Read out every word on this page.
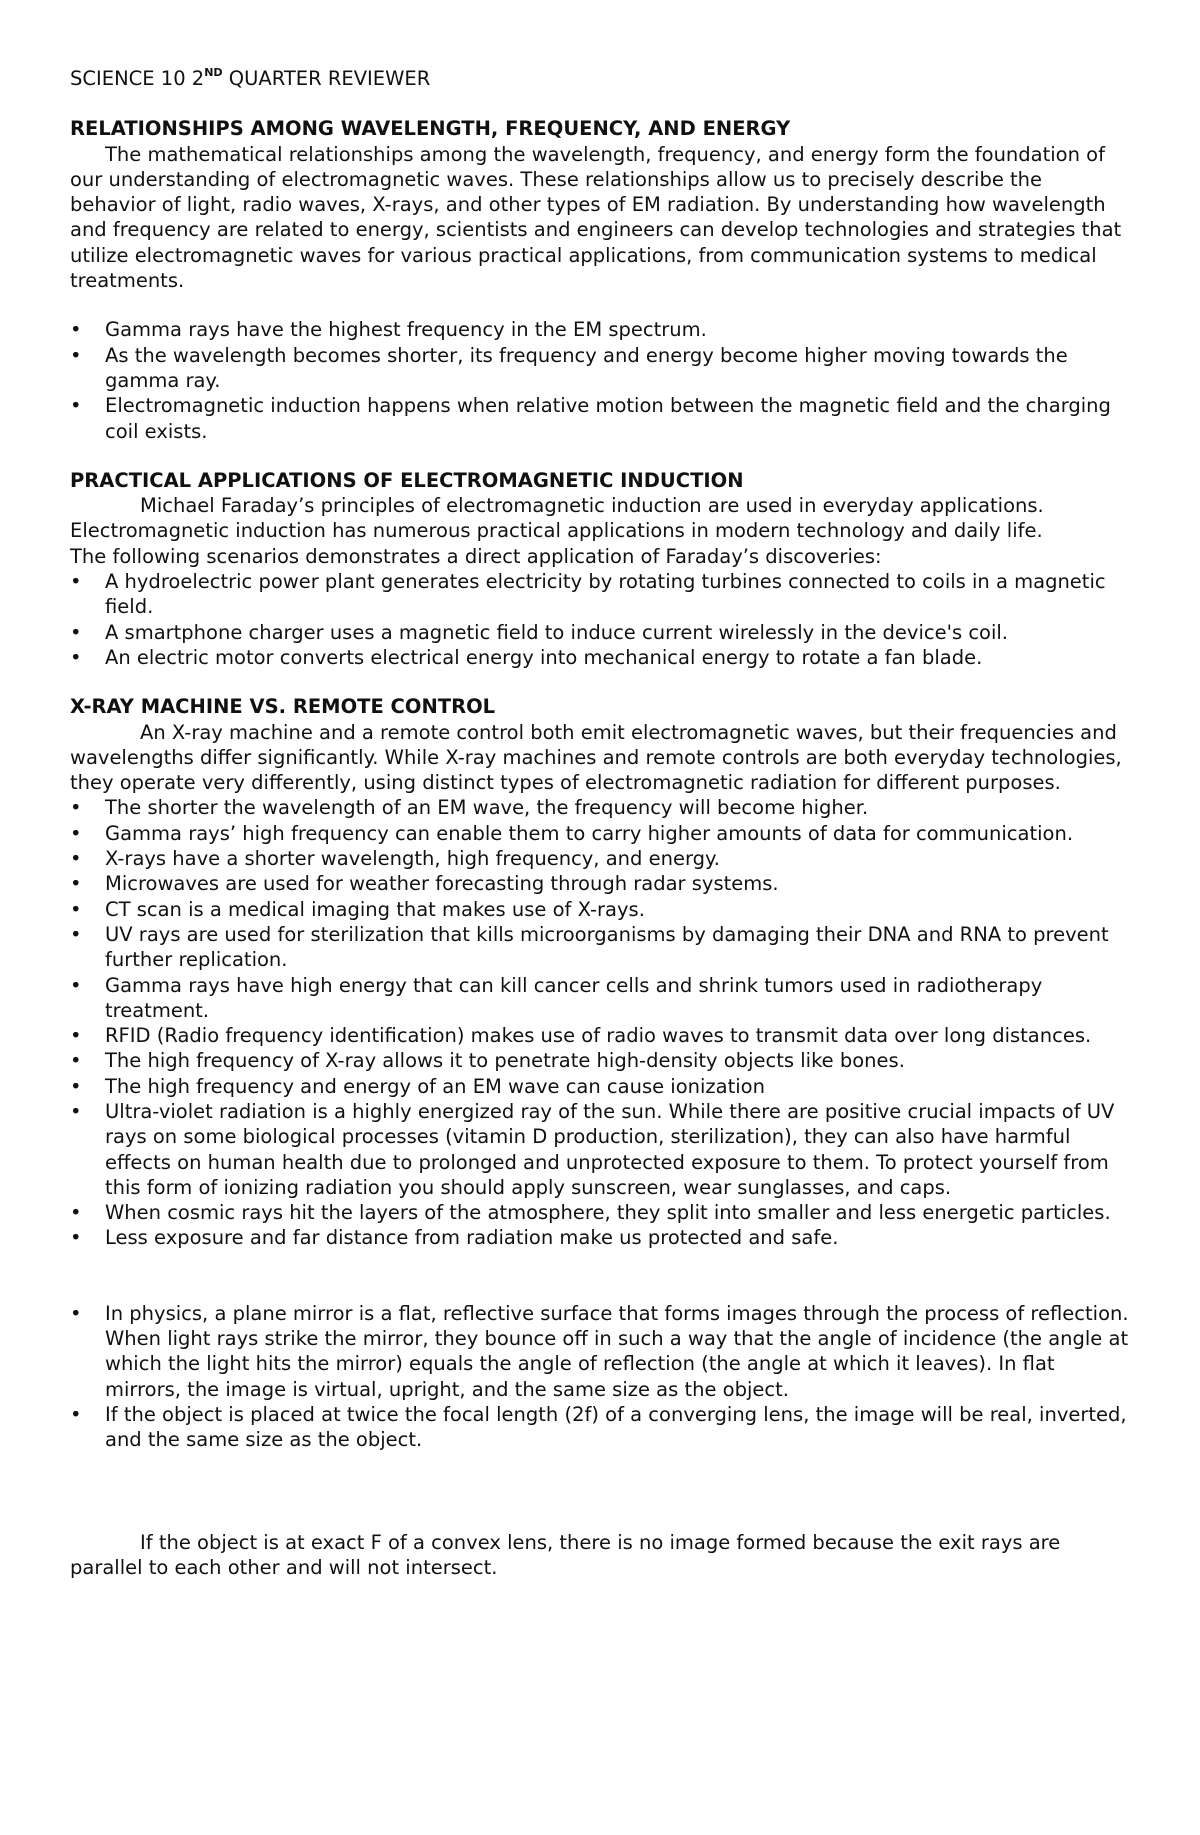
SCIENCE 10 2ND QUARTER REVIEWER

RELATIONSHIPS AMONG WAVELENGTH, FREQUENCY, AND ENERGY

The mathematical relationships among the wavelength, frequency, and energy form the foundation of our understanding of electromagnetic waves. These relationships allow us to precisely describe the behavior of light, radio waves, X-rays, and other types of EM radiation. By understanding how wavelength and frequency are related to energy, scientists and engineers can develop technologies and strategies that utilize electromagnetic waves for various practical applications, from communication systems to medical treatments.

•	Gamma rays have the highest frequency in the EM spectrum.
•	As the wavelength becomes shorter, its frequency and energy become higher moving towards the gamma ray.
•	Electromagnetic induction happens when relative motion between the magnetic field and the charging coil exists.
PRACTICAL APPLICATIONS OF ELECTROMAGNETIC INDUCTION

Michael Faraday’s principles of electromagnetic induction are used in everyday applications. Electromagnetic induction has numerous practical applications in modern technology and daily life.

The following scenarios demonstrates a direct application of Faraday’s discoveries:

•	A hydroelectric power plant generates electricity by rotating turbines connected to coils in a magnetic field.
•	A smartphone charger uses a magnetic field to induce current wirelessly in the device's coil.
•	An electric motor converts electrical energy into mechanical energy to rotate a fan blade.
X-RAY MACHINE VS. REMOTE CONTROL

An X-ray machine and a remote control both emit electromagnetic waves, but their frequencies and wavelengths differ significantly. While X-ray machines and remote controls are both everyday technologies, they operate very differently, using distinct types of electromagnetic radiation for different purposes.

•	The shorter the wavelength of an EM wave, the frequency will become higher.
•	Gamma rays’ high frequency can enable them to carry higher amounts of data for communication.
•	X-rays have a shorter wavelength, high frequency, and energy.
•	Microwaves are used for weather forecasting through radar systems.
•	CT scan is a medical imaging that makes use of X-rays.
•	UV rays are used for sterilization that kills microorganisms by damaging their DNA and RNA to prevent further replication.
•	Gamma rays have high energy that can kill cancer cells and shrink tumors used in radiotherapy treatment.
•	RFID (Radio frequency identification) makes use of radio waves to transmit data over long distances.
•	The high frequency of X-ray allows it to penetrate high-density objects like bones.
•	The high frequency and energy of an EM wave can cause ionization
•	Ultra-violet radiation is a highly energized ray of the sun. While there are positive crucial impacts of UV rays on some biological processes (vitamin D production, sterilization), they can also have harmful effects on human health due to prolonged and unprotected exposure to them. To protect yourself from this form of ionizing radiation you should apply sunscreen, wear sunglasses, and caps.
•	When cosmic rays hit the layers of the atmosphere, they split into smaller and less energetic particles.
•	Less exposure and far distance from radiation make us protected and safe.
•	In physics, a plane mirror is a flat, reflective surface that forms images through the process of reflection. When light rays strike the mirror, they bounce off in such a way that the angle of incidence (the angle at which the light hits the mirror) equals the angle of reflection (the angle at which it leaves). In flat mirrors, the image is virtual, upright, and the same size as the object.
•	If the object is placed at twice the focal length (2f) of a converging lens, the image will be real, inverted, and the same size as the object.

If the object is at exact F of a convex lens, there is no image formed because the exit rays are parallel to each other and will not intersect.
